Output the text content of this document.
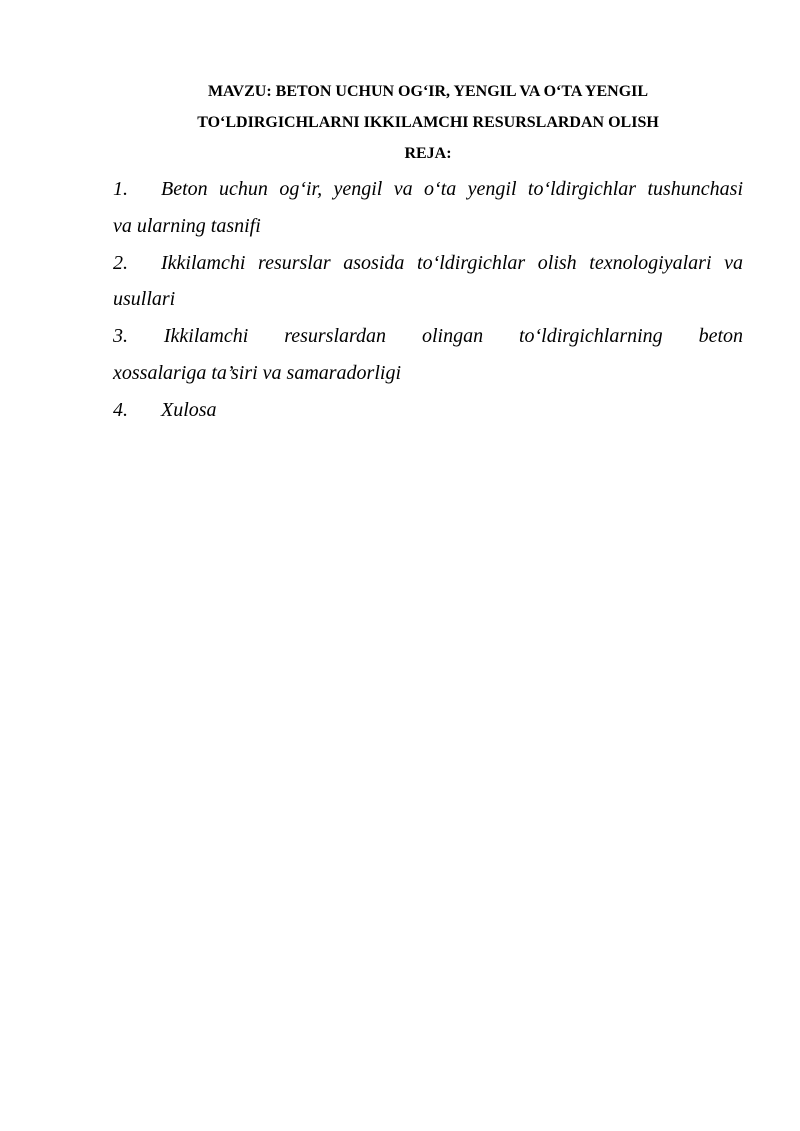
MAVZU: BETON UCHUN OG‘IR, YENGIL VA O‘TA YENGIL
TO‘LDIRGICHLARNI IKKILAMCHI RESURSLARDAN OLISH
REJA:
1.	Beton uchun og‘ir, yengil va o‘ta yengil to‘ldirgichlar tushunchasi
va ularning tasnifi
2.	Ikkilamchi resurslar asosida to‘ldirgichlar olish texnologiyalari va
usullari
3. Ikkilamchi resurslardan olingan to‘ldirgichlarning beton
xossalariga ta’siri va samaradorligi
4.	Xulosa
